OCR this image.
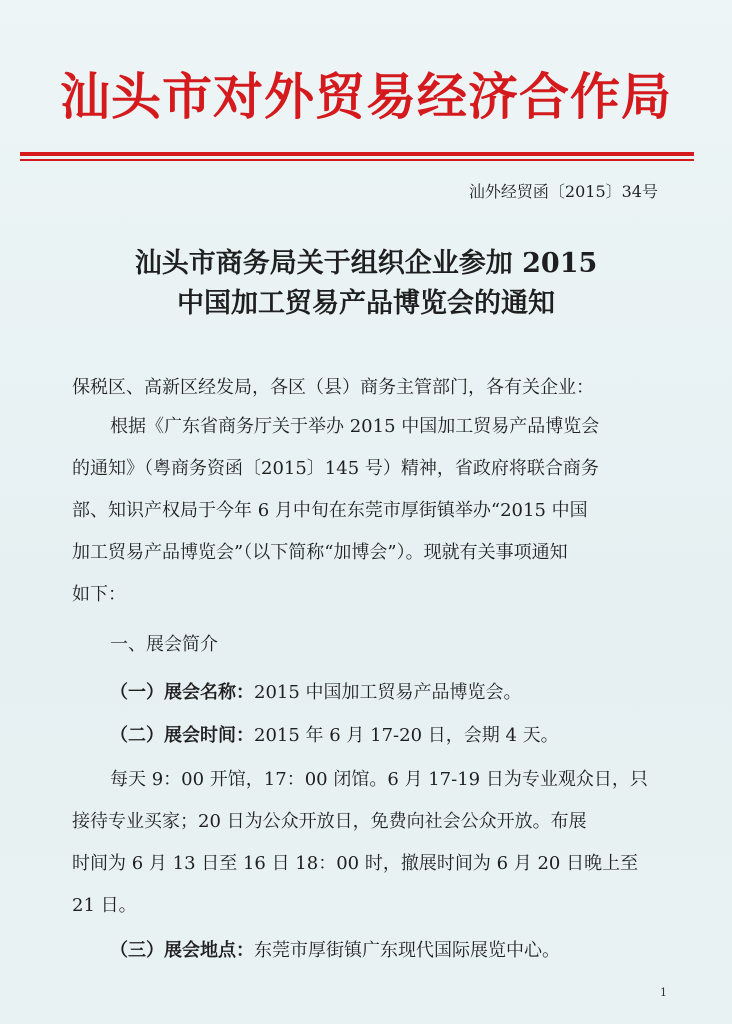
汕头市对外贸易经济合作局
汕外经贸函〔2015〕34号
汕头市商务局关于组织企业参加 2015
中国加工贸易产品博览会的通知
保税区、高新区经发局，各区（县）商务主管部门，各有关企业：
根据《广东省商务厅关于举办 2015 中国加工贸易产品博览会
的通知》（粤商务资函〔2015〕145 号）精神，省政府将联合商务
部、知识产权局于今年 6 月中旬在东莞市厚街镇举办“2015 中国
加工贸易产品博览会”（以下简称“加博会”）。现就有关事项通知
如下：
一、展会简介
（一）展会名称：2015 中国加工贸易产品博览会。
（二）展会时间：2015 年 6 月 17-20 日，会期 4 天。
每天 9：00 开馆，17：00 闭馆。6 月 17-19 日为专业观众日，只
接待专业买家；20 日为公众开放日，免费向社会公众开放。布展
时间为 6 月 13 日至 16 日 18：00 时，撤展时间为 6 月 20 日晚上至
21 日。
（三）展会地点：东莞市厚街镇广东现代国际展览中心。
1
